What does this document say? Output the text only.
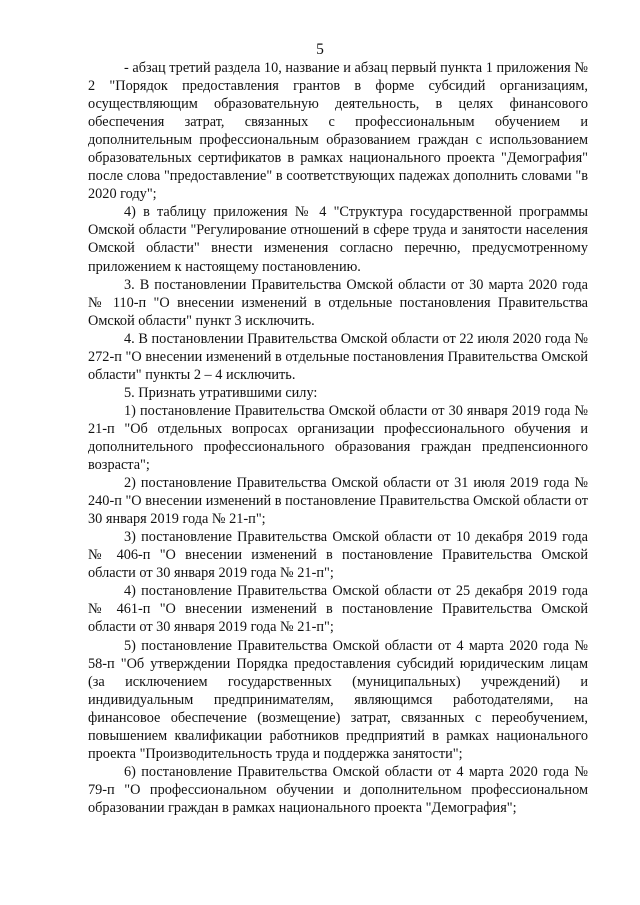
5

- абзац третий раздела 10, название и абзац первый пункта 1 приложения № 2 "Порядок предоставления грантов в форме субсидий организациям, осуществляющим образовательную деятельность, в целях финансового обеспечения затрат, связанных с профессиональным обучением и дополнительным профессиональным образованием граждан с использованием образовательных сертификатов в рамках национального проекта "Демография" после слова "предоставление" в соответствующих падежах дополнить словами "в 2020 году";

4) в таблицу приложения № 4 "Структура государственной программы Омской области "Регулирование отношений в сфере труда и занятости населения Омской области" внести изменения согласно перечню, предусмотренному приложением к настоящему постановлению.

3. В постановлении Правительства Омской области от 30 марта 2020 года № 110-п "О внесении изменений в отдельные постановления Правительства Омской области" пункт 3 исключить.

4. В постановлении Правительства Омской области от 22 июля 2020 года № 272-п "О внесении изменений в отдельные постановления Правительства Омской области" пункты 2 – 4 исключить.

5. Признать утратившими силу:

1) постановление Правительства Омской области от 30 января 2019 года № 21-п "Об отдельных вопросах организации профессионального обучения и дополнительного профессионального образования граждан предпенсионного возраста";

2) постановление Правительства Омской области от 31 июля 2019 года № 240-п "О внесении изменений в постановление Правительства Омской области от 30 января 2019 года № 21-п";

3) постановление Правительства Омской области от 10 декабря 2019 года № 406-п "О внесении изменений в постановление Правительства Омской области от 30 января 2019 года № 21-п";

4) постановление Правительства Омской области от 25 декабря 2019 года № 461-п "О внесении изменений в постановление Правительства Омской области от 30 января 2019 года № 21-п";

5) постановление Правительства Омской области от 4 марта 2020 года № 58-п "Об утверждении Порядка предоставления субсидий юридическим лицам (за исключением государственных (муниципальных) учреждений) и индивидуальным предпринимателям, являющимся работодателями, на финансовое обеспечение (возмещение) затрат, связанных с переобучением, повышением квалификации работников предприятий в рамках национального проекта "Производительность труда и поддержка занятости";

6) постановление Правительства Омской области от 4 марта 2020 года № 79-п "О профессиональном обучении и дополнительном профессиональном образовании граждан в рамках национального проекта "Демография";
